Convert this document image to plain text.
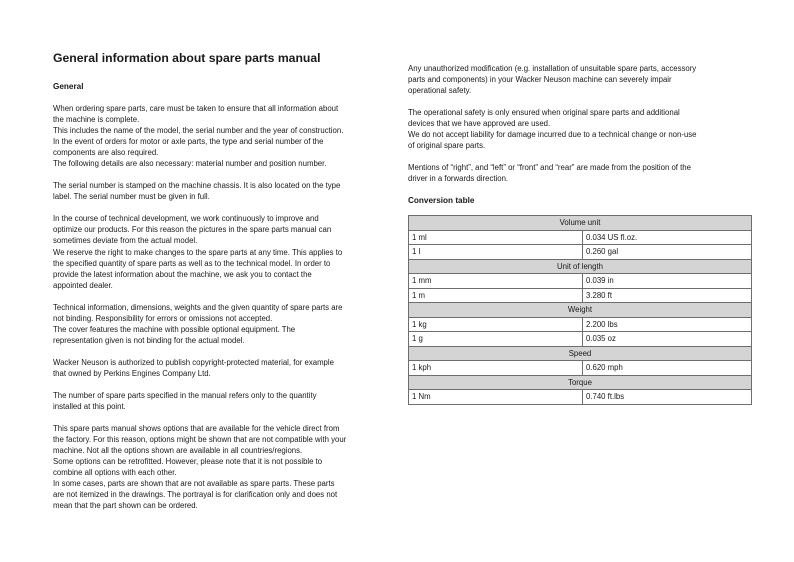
General information about spare parts manual
General
When ordering spare parts, care must be taken to ensure that all information about
the machine is complete.
This includes the name of the model, the serial number and the year of construction.
In the event of orders for motor or axle parts, the type and serial number of the
components are also required.
The following details are also necessary: material number and position number.
The serial number is stamped on the machine chassis. It is also located on the type
label. The serial number must be given in full.
In the course of technical development, we work continuously to improve and
optimize our products. For this reason the pictures in the spare parts manual can
sometimes deviate from the actual model.
We reserve the right to make changes to the spare parts at any time. This applies to
the specified quantity of spare parts as well as to the technical model. In order to
provide the latest information about the machine, we ask you to contact the
appointed dealer.
Technical information, dimensions, weights and the given quantity of spare parts are
not binding. Responsibility for errors or omissions not accepted.
The cover features the machine with possible optional equipment. The
representation given is not binding for the actual model.
Wacker Neuson is authorized to publish copyright-protected material, for example
that owned by Perkins Engines Company Ltd.
The number of spare parts specified in the manual refers only to the quantity
installed at this point.
This spare parts manual shows options that are available for the vehicle direct from
the factory. For this reason, options might be shown that are not compatible with your
machine. Not all the options shown are available in all countries/regions.
Some options can be retrofitted. However, please note that it is not possible to
combine all options with each other.
In some cases, parts are shown that are not available as spare parts. These parts
are not itemized in the drawings. The portrayal is for clarification only and does not
mean that the part shown can be ordered.
Any unauthorized modification (e.g. installation of unsuitable spare parts, accessory
parts and components) in your Wacker Neuson machine can severely impair
operational safety.
The operational safety is only ensured when original spare parts and additional
devices that we have approved are used.
We do not accept liability for damage incurred due to a technical change or non-use
of original spare parts.
Mentions of “right”, and “left” or “front” and “rear” are made from the position of the
driver in a forwards direction.
Conversion table
Volume unit	
1 ml	0.034 US fl.oz.
1 l	0.260 gal
Unit of length	
1 mm	0.039 in
1 m	3.280 ft
Weight	
1 kg	2.200 lbs
1 g	0.035 oz
Speed	
1 kph	0.620 mph
Torque	
1 Nm	0.740 ft.lbs
